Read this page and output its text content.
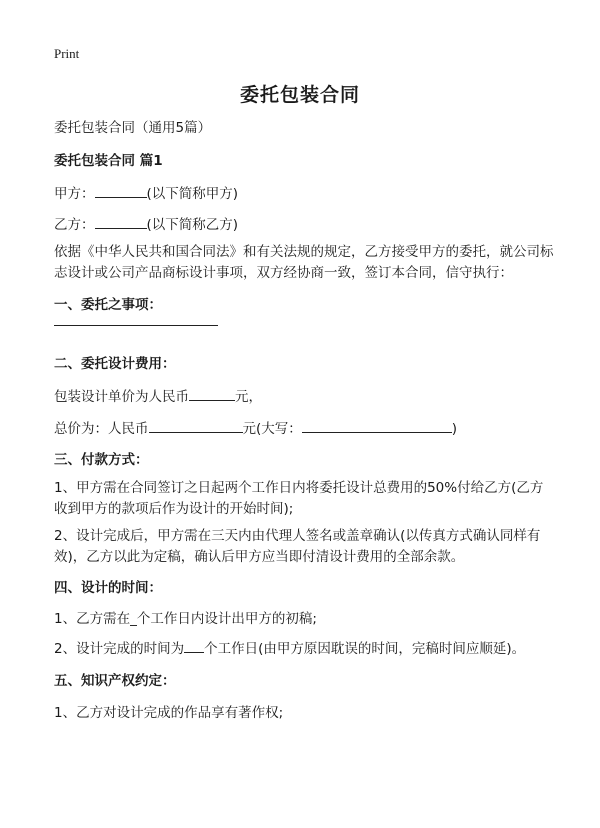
Print
委托包装合同
委托包装合同（通用5篇）
委托包装合同 篇1
甲方：	(以下简称甲方)
乙方：	(以下简称乙方)
依据《中华人民共和国合同法》和有关法规的规定，乙方接受甲方的委托，就公司标志设计或公司产品商标设计事项，双方经协商一致，签订本合同，信守执行：
一、委托之事项：
二、委托设计费用：
包装设计单价为人民币	元，
总价为：人民币	元(大写：	)
三、付款方式：
1、甲方需在合同签订之日起两个工作日内将委托设计总费用的50%付给乙方(乙方收到甲方的款项后作为设计的开始时间);
2、设计完成后，甲方需在三天内由代理人签名或盖章确认(以传真方式确认同样有效)，乙方以此为定稿，确认后甲方应当即付清设计费用的全部余款。
四、设计的时间：
1、乙方需在_个工作日内设计出甲方的初稿;
2、设计完成的时间为 个工作日(由甲方原因耽误的时间，完稿时间应顺延)。
五、知识产权约定：
1、乙方对设计完成的作品享有著作权;
